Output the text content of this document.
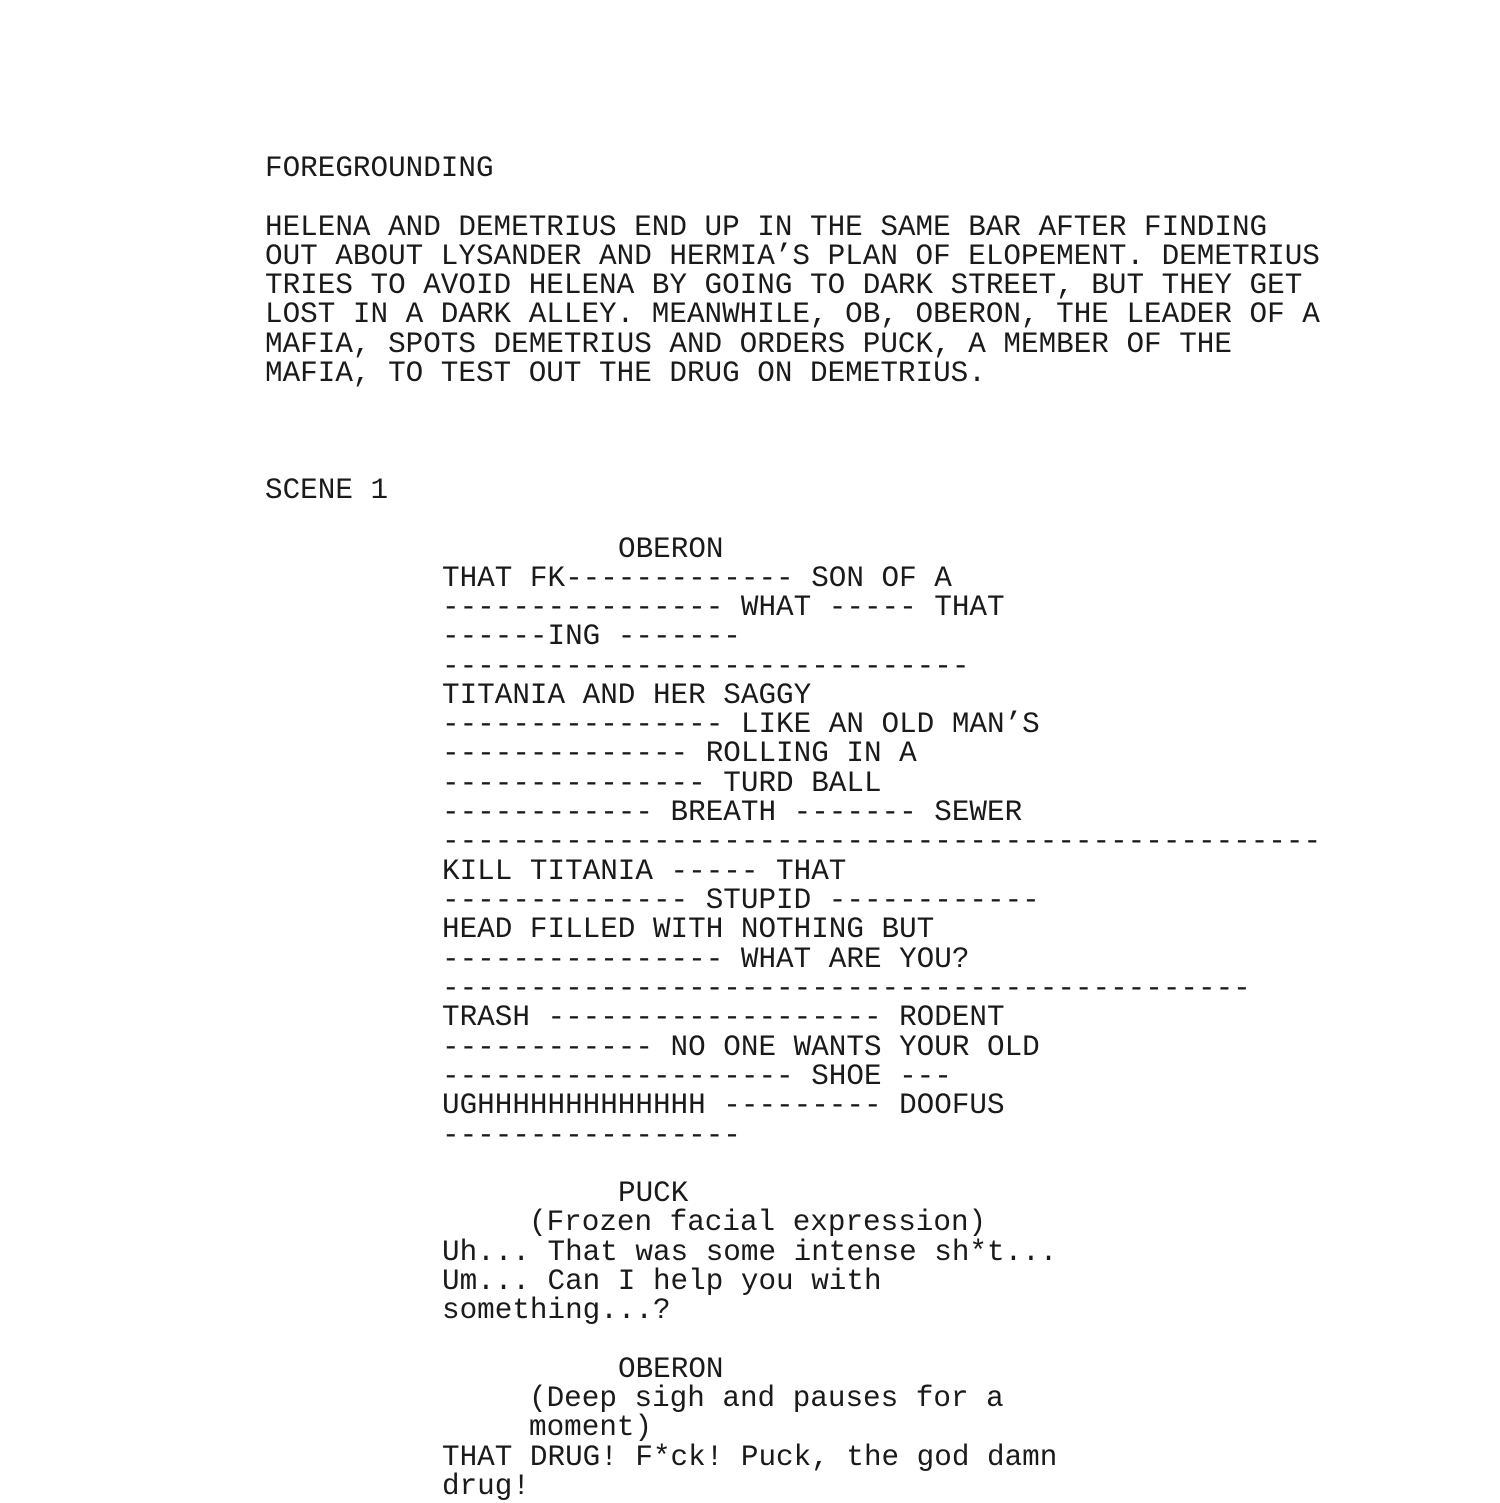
FOREGROUNDING
HELENA AND DEMETRIUS END UP IN THE SAME BAR AFTER FINDING
OUT ABOUT LYSANDER AND HERMIA’S PLAN OF ELOPEMENT. DEMETRIUS
TRIES TO AVOID HELENA BY GOING TO DARK STREET, BUT THEY GET
LOST IN A DARK ALLEY. MEANWHILE, OB, OBERON, THE LEADER OF A
MAFIA, SPOTS DEMETRIUS AND ORDERS PUCK, A MEMBER OF THE
MAFIA, TO TEST OUT THE DRUG ON DEMETRIUS.
SCENE 1
OBERON
THAT FK------------- SON OF A
---------------- WHAT ----- THAT
------ING -------
------------------------------
TITANIA AND HER SAGGY
---------------- LIKE AN OLD MAN’S
-------------- ROLLING IN A
--------------- TURD BALL
------------ BREATH ------- SEWER
--------------------------------------------------
KILL TITANIA ----- THAT
-------------- STUPID ------------
HEAD FILLED WITH NOTHING BUT
---------------- WHAT ARE YOU?
----------------------------------------------
TRASH ------------------- RODENT
------------ NO ONE WANTS YOUR OLD
-------------------- SHOE ---
UGHHHHHHHHHHHHH --------- DOOFUS
-----------------
PUCK
(Frozen facial expression)
Uh... That was some intense sh*t...
Um... Can I help you with
something...?
OBERON
(Deep sigh and pauses for a
moment)
THAT DRUG! F*ck! Puck, the god damn
drug!
